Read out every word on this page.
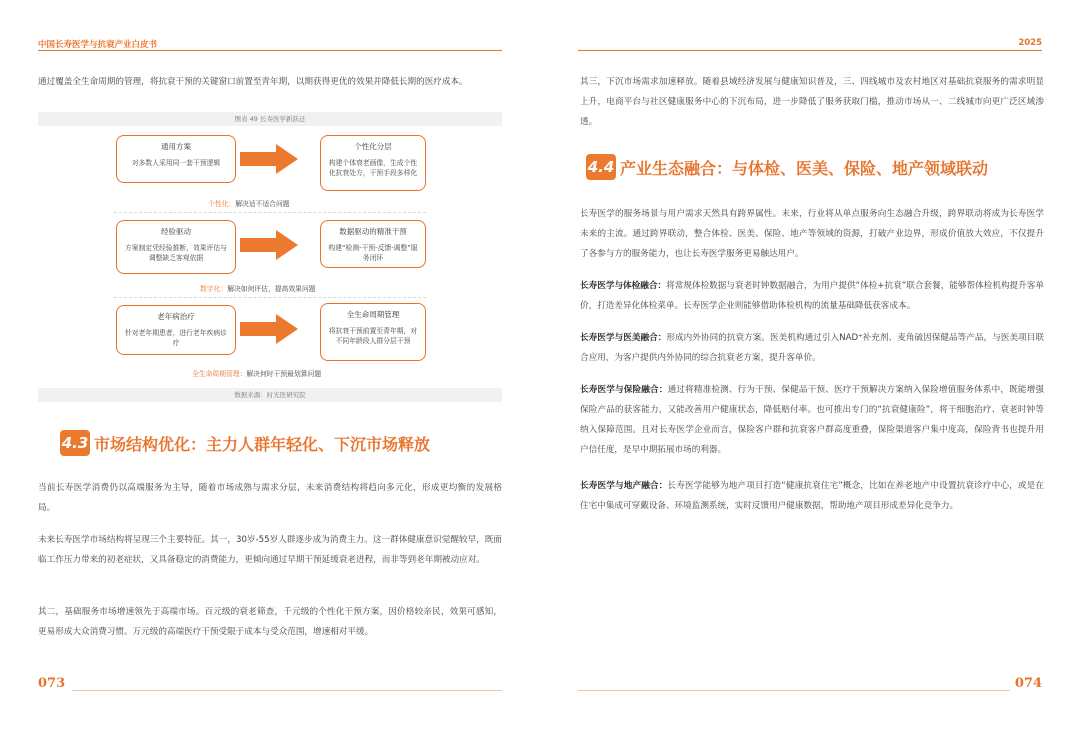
中国长寿医学与抗衰产业白皮书
通过覆盖全生命周期的管理，将抗衰干预的关键窗口前置至青年期，以期获得更优的效果并降低长期的医疗成本。
图表 49 长寿医学新跃迁
通用方案
对多数人采用同一套干预逻辑
个性化分层
构建个体衰老画像，生成个性化抗衰处方，干预手段多样化
个性化：解决适不适合问题
经验驱动
方案制定凭经验推断，效果评估与调整缺乏客观依据
数据驱动的精准干预
构建“检测-干预-反馈-调整”服务闭环
数字化：解决如何评估，提高效果问题
老年病治疗
针对老年期患者，进行老年疾病诊疗
全生命周期管理
将抗衰干预前置至青年期，对不同年龄段人群分层干预
全生命周期管理：解决何时干预最划算问题
数据来源：时光医研究院
4.3 市场结构优化：主力人群年轻化、下沉市场释放
当前长寿医学消费仍以高端服务为主导，随着市场成熟与需求分层，未来消费结构将趋向多元化，形成更均衡的发展格局。
未来长寿医学市场结构将呈现三个主要特征。其一，30岁-55岁人群逐步成为消费主力。这一群体健康意识觉醒较早，既面临工作压力带来的初老症状，又具备稳定的消费能力，更倾向通过早期干预延缓衰老进程，而非等到老年期被动应对。
其二，基础服务市场增速领先于高端市场。百元级的衰老筛查，千元级的个性化干预方案，因价格较亲民，效果可感知，更易形成大众消费习惯。万元级的高端医疗干预受限于成本与受众范围，增速相对平缓。
073
2025
其三，下沉市场需求加速释放。随着县域经济发展与健康知识普及，三、四线城市及农村地区对基础抗衰服务的需求明显上升，电商平台与社区健康服务中心的下沉布局，进一步降低了服务获取门槛，推动市场从一、二线城市向更广泛区域渗透。
4.4 产业生态融合：与体检、医美、保险、地产领域联动
长寿医学的服务场景与用户需求天然具有跨界属性。未来，行业将从单点服务向生态融合升级，跨界联动将成为长寿医学未来的主流。通过跨界联动，整合体检、医美、保险、地产等领域的资源，打破产业边界，形成价值放大效应，不仅提升了各参与方的服务能力，也让长寿医学服务更易触达用户。
长寿医学与体检融合：将常规体检数据与衰老时钟数据融合，为用户提供“体检+抗衰”联合套餐，能够帮体检机构提升客单价，打造差异化体检菜单。长寿医学企业则能够借助体检机构的流量基础降低获客成本。
长寿医学与医美融合：形成内外协同的抗衰方案。医美机构通过引入NAD⁺补充剂、麦角硫因保健品等产品，与医美项目联合应用，为客户提供内外协同的综合抗衰老方案，提升客单价。
长寿医学与保险融合：通过将精准检测、行为干预、保健品干预、医疗干预解决方案纳入保险增值服务体系中，既能增强保险产品的获客能力，又能改善用户健康状态，降低赔付率。也可推出专门的“抗衰健康险”，将干细胞治疗、衰老时钟等纳入保障范围。且对长寿医学企业而言，保险客户群和抗衰客户群高度重叠，保险渠道客户集中度高，保险背书也提升用户信任度，是早中期拓展市场的利器。
长寿医学与地产融合：长寿医学能够为地产项目打造“健康抗衰住宅”概念，比如在养老地产中设置抗衰诊疗中心，或是在住宅中集成可穿戴设备、环境监测系统，实时反馈用户健康数据，帮助地产项目形成差异化竞争力。
074
